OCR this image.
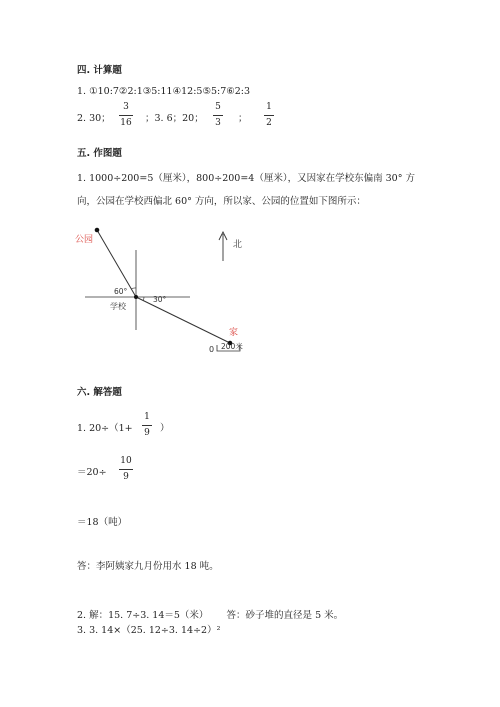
四. 计算题
1. ①10:7②2:1③5:11④12:5⑤5:7⑥2:3
2. 30；
3
16 ；3. 6；20；
5
3 ；
1
2
五. 作图题
1. 1000÷200=5（厘米），800÷200=4（厘米），又因家在学校东偏南 30° 方
向，公园在学校西偏北 60° 方向，所以家、公园的位置如下图所示：
公园
学校
家
北
60°
30°
0 200米
六. 解答题
1. 20÷（1+
1
9 ）
＝20÷
10
9
＝18（吨）
答：李阿姨家九月份用水 18 吨。
2. 解：15. 7÷3. 14＝5（米）      答：砂子堆的直径是 5 米。
3. 3. 14×（25. 12÷3. 14÷2）²
